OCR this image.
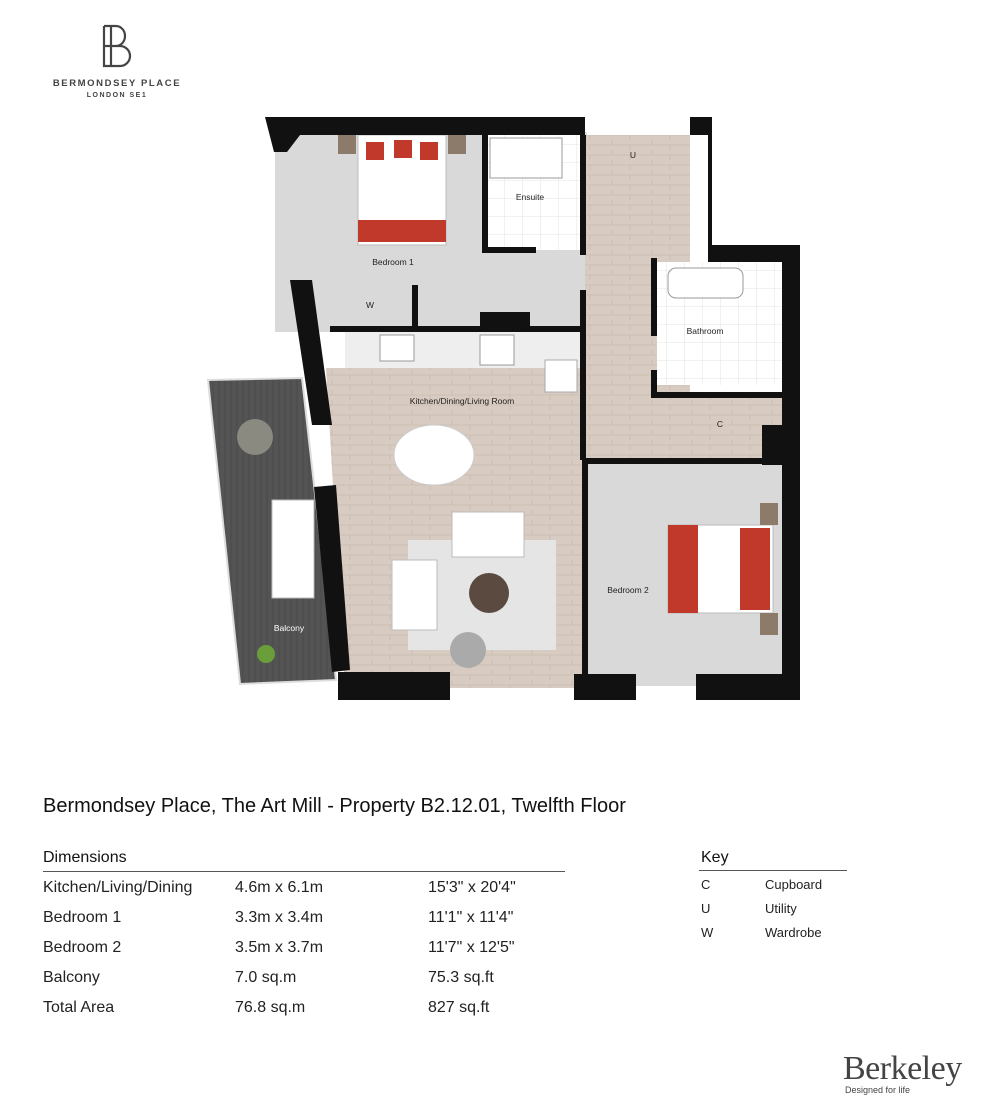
BERMONDSEY PLACE
LONDON SE1
Bedroom 1
Ensuite
U
Bathroom
Kitchen/Dining/Living Room
C
Bedroom 2
Balcony
W
Bermondsey Place, The Art Mill - Property B2.12.01, Twelfth Floor
Dimensions
Kitchen/Living/Dining	4.6m x 6.1m	15'3" x 20'4"
Bedroom 1	3.3m x 3.4m	11'1" x 11'4"
Bedroom 2	3.5m x 3.7m	11'7" x 12'5"
Balcony	7.0 sq.m	75.3 sq.ft
Total Area	76.8 sq.m	827 sq.ft
Key
C	Cupboard
U	Utility
W	Wardrobe
Berkeley
Designed for life
